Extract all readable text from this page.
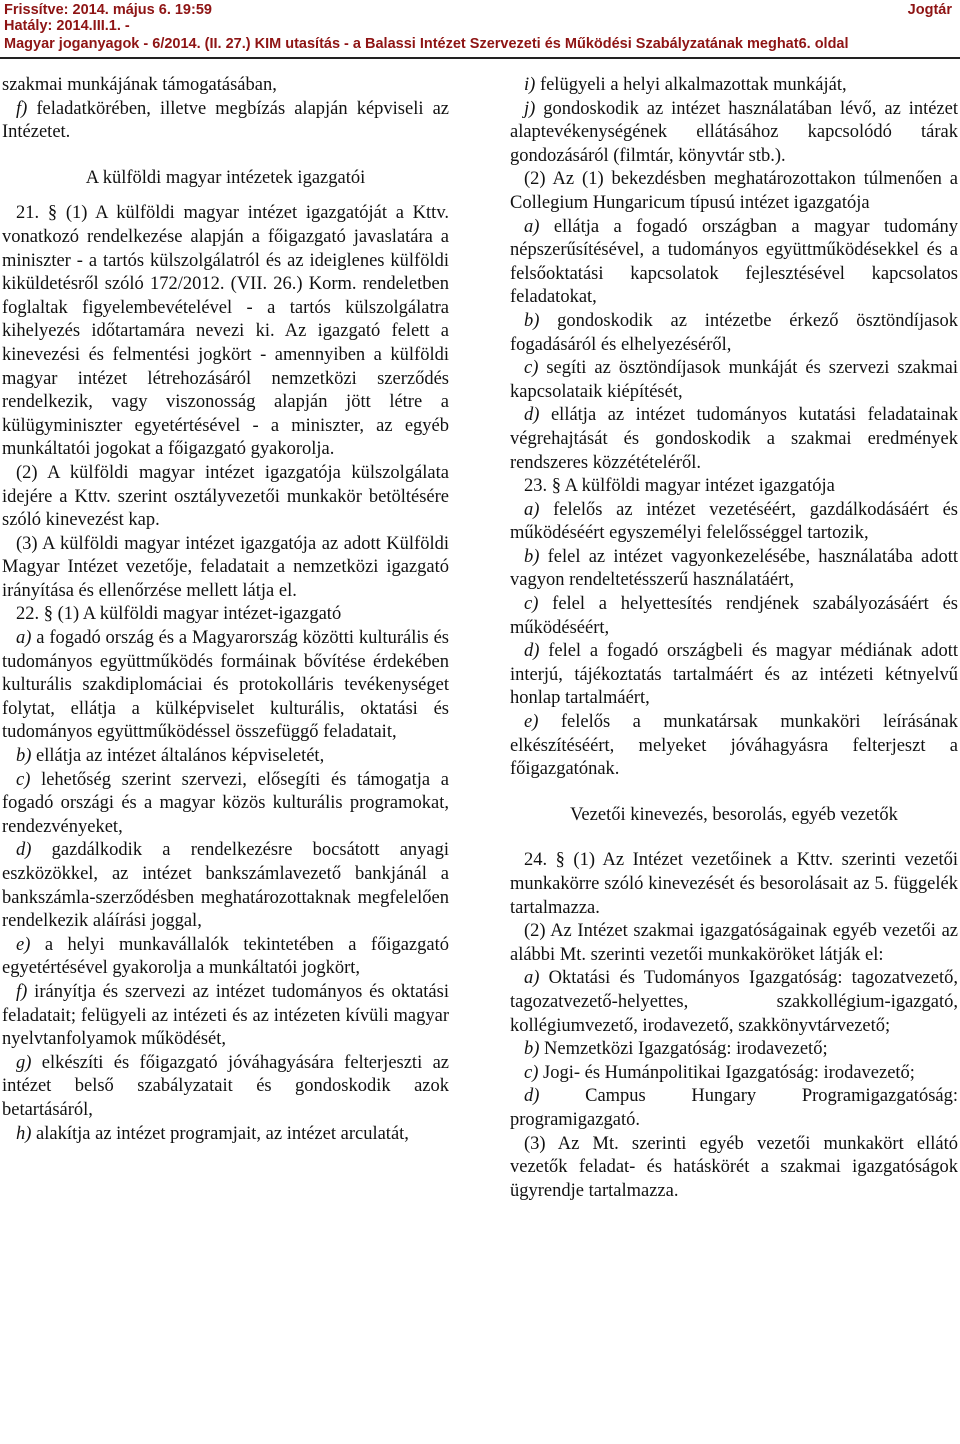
Frissítve: 2014. május 6. 19:59
Hatály: 2014.III.1. -
Magyar joganyagok - 6/2014. (II. 27.) KIM utasítás - a Balassi Intézet Szervezeti és Működési Szabályzatának meghat6. oldal
Jogtár

szakmai munkájának támogatásában,

f) feladatkörében, illetve megbízás alapján képviseli az Intézetet.

A külföldi magyar intézetek igazgatói

21. § (1) A külföldi magyar intézet igazgatóját a Kttv. vonatkozó rendelkezése alapján a főigazgató javaslatára a miniszter - a tartós külszolgálatról és az ideiglenes külföldi kiküldetésről szóló 172/2012. (VII. 26.) Korm. rendeletben foglaltak figyelembevételével - a tartós külszolgálatra kihelyezés időtartamára nevezi ki. Az igazgató felett a kinevezési és felmentési jogkört - amennyiben a külföldi magyar intézet létrehozásáról nemzetközi szerződés rendelkezik, vagy viszonosság alapján jött létre a külügyminiszter egyetértésével - a miniszter, az egyéb munkáltatói jogokat a főigazgató gyakorolja.

(2) A külföldi magyar intézet igazgatója külszolgálata idejére a Kttv. szerint osztályvezetői munkakör betöltésére szóló kinevezést kap.

(3) A külföldi magyar intézet igazgatója az adott Külföldi Magyar Intézet vezetője, feladatait a nemzetközi igazgató irányítása és ellenőrzése mellett látja el.

22. § (1) A külföldi magyar intézet-igazgató

a) a fogadó ország és a Magyarország közötti kulturális és tudományos együttműködés formáinak bővítése érdekében kulturális szakdiplomáciai és protokolláris tevékenységet folytat, ellátja a külképviselet kulturális, oktatási és tudományos együttműködéssel összefüggő feladatait,

b) ellátja az intézet általános képviseletét,

c) lehetőség szerint szervezi, elősegíti és támogatja a fogadó országi és a magyar közös kulturális programokat, rendezvényeket,

d) gazdálkodik a rendelkezésre bocsátott anyagi eszközökkel, az intézet bankszámlavezető bankjánál a bankszámla-szerződésben meghatározottaknak megfelelően rendelkezik aláírási joggal,

e) a helyi munkavállalók tekintetében a főigazgató egyetértésével gyakorolja a munkáltatói jogkört,

f) irányítja és szervezi az intézet tudományos és oktatási feladatait; felügyeli az intézeti és az intézeten kívüli magyar nyelvtanfolyamok működését,

g) elkészíti és főigazgató jóváhagyására felterjeszti az intézet belső szabályzatait és gondoskodik azok betartásáról,

h) alakítja az intézet programjait, az intézet arculatát,

i) felügyeli a helyi alkalmazottak munkáját,

j) gondoskodik az intézet használatában lévő, az intézet alaptevékenységének ellátásához kapcsolódó tárak gondozásáról (filmtár, könyvtár stb.).

(2) Az (1) bekezdésben meghatározottakon túlmenően a Collegium Hungaricum típusú intézet igazgatója

a) ellátja a fogadó országban a magyar tudomány népszerűsítésével, a tudományos együttműködésekkel és a felsőoktatási kapcsolatok fejlesztésével kapcsolatos feladatokat,

b) gondoskodik az intézetbe érkező ösztöndíjasok fogadásáról és elhelyezéséről,

c) segíti az ösztöndíjasok munkáját és szervezi szakmai kapcsolataik kiépítését,

d) ellátja az intézet tudományos kutatási feladatainak végrehajtását és gondoskodik a szakmai eredmények rendszeres közzétételéről.

23. § A külföldi magyar intézet igazgatója

a) felelős az intézet vezetéséért, gazdálkodásáért és működéséért egyszemélyi felelősséggel tartozik,

b) felel az intézet vagyonkezelésébe, használatába adott vagyon rendeltetésszerű használatáért,

c) felel a helyettesítés rendjének szabályozásáért és működéséért,

d) felel a fogadó országbeli és magyar médiának adott interjú, tájékoztatás tartalmáért és az intézeti kétnyelvű honlap tartalmáért,

e) felelős a munkatársak munkaköri leírásának elkészítéséért, melyeket jóváhagyásra felterjeszt a főigazgatónak.

Vezetői kinevezés, besorolás, egyéb vezetők

24. § (1) Az Intézet vezetőinek a Kttv. szerinti vezetői munkakörre szóló kinevezését és besorolásait az 5. függelék tartalmazza.

(2) Az Intézet szakmai igazgatóságainak egyéb vezetői az alábbi Mt. szerinti vezetői munkaköröket látják el:

a) Oktatási és Tudományos Igazgatóság: tagozatvezető, tagozatvezető-helyettes, szakkollégium-igazgató, kollégiumvezető, irodavezető, szakkönyvtárvezető;

b) Nemzetközi Igazgatóság: irodavezető;

c) Jogi- és Humánpolitikai Igazgatóság: irodavezető;

d) Campus Hungary Programigazgatóság: programigazgató.

(3) Az Mt. szerinti egyéb vezetői munkakört ellátó vezetők feladat- és hatáskörét a szakmai igazgatóságok ügyrendje tartalmazza.
